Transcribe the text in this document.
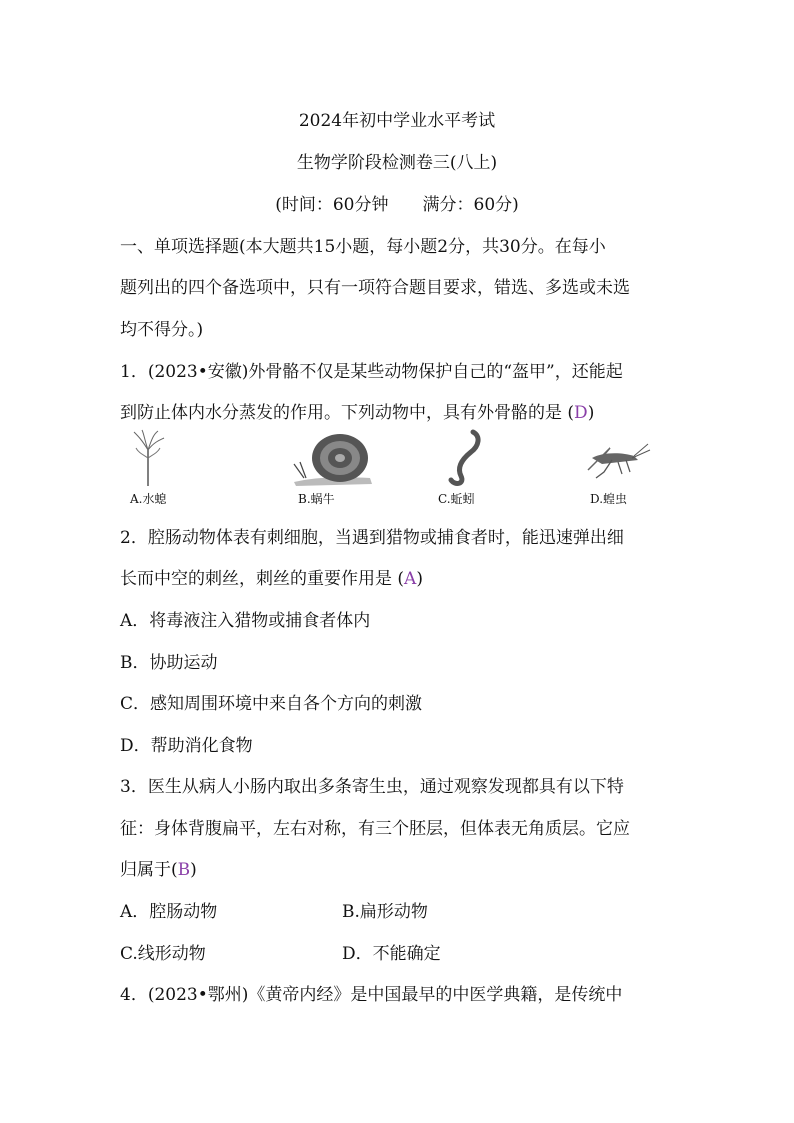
2024年初中学业水平考试
生物学阶段检测卷三(八上)
(时间：60分钟　　满分：60分)
一、单项选择题(本大题共15小题，每小题2分，共30分。在每小
题列出的四个备选项中，只有一项符合题目要求，错选、多选或未选
均不得分。)
1．(2023•安徽)外骨骼不仅是某些动物保护自己的“盔甲”，还能起
到防止体内水分蒸发的作用。下列动物中，具有外骨骼的是 (D)
A.水螅	B.蜗牛	C.蚯蚓	D.蝗虫
2．腔肠动物体表有刺细胞，当遇到猎物或捕食者时，能迅速弹出细
长而中空的刺丝，刺丝的重要作用是 (A)
A．将毒液注入猎物或捕食者体内
B．协助运动
C．感知周围环境中来自各个方向的刺激
D．帮助消化食物
3．医生从病人小肠内取出多条寄生虫，通过观察发现都具有以下特
征：身体背腹扁平，左右对称，有三个胚层，但体表无角质层。它应
归属于(B)
A．腔肠动物	B.扁形动物
C.线形动物	D．不能确定
4．(2023•鄂州)《黄帝内经》是中国最早的中医学典籍，是传统中
